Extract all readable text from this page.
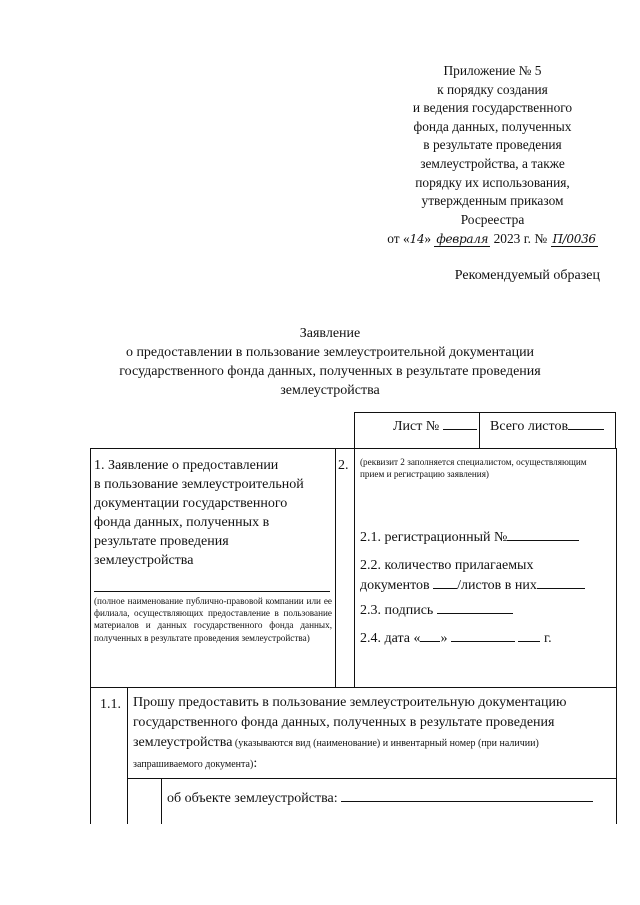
Приложение № 5
к порядку создания
и ведения государственного
фонда данных, полученных
в результате проведения
землеустройства, а также
порядку их использования,
утвержденным приказом
Росреестра
от «14» февраля 2023 г. № П/0036
Рекомендуемый образец
Заявление
о предоставлении в пользование землеустроительной документации
государственного фонда данных, полученных в результате проведения
землеустройства
Лист №	Всего листов
1. Заявление о предоставлении
в пользование землеустроительной
документации государственного
фонда данных, полученных в
результате проведения
землеустройства
(полное наименование публично-правовой компании или ее филиала, осуществляющих предоставление в пользование материалов и данных государственного фонда данных, полученных в результате проведения землеустройства)
2. (реквизит 2 заполняется специалистом, осуществляющим прием и регистрацию заявления)
2.1. регистрационный №
2.2. количество прилагаемых
документов /листов в них
2.3. подпись
2.4. дата « »	г.
1.1. Прошу предоставить в пользование землеустроительную документацию
государственного фонда данных, полученных в результате проведения
землеустройства (указываются вид (наименование) и инвентарный номер (при наличии)
запрашиваемого документа):
об объекте землеустройства:
